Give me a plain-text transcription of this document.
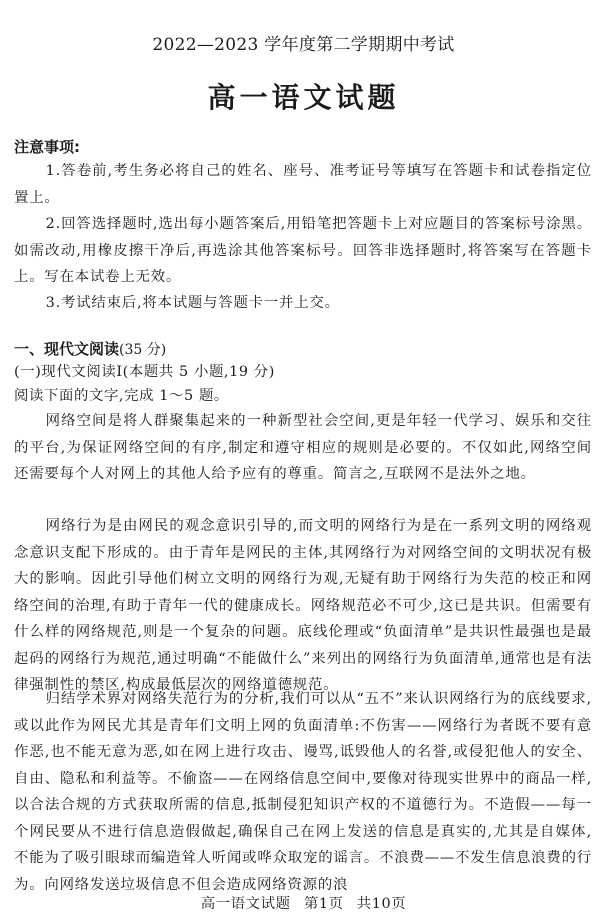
2022—2023 学年度第二学期期中考试
高一语文试题
注意事项:
1.答卷前,考生务必将自己的姓名、座号、准考证号等填写在答题卡和试卷指定位置上。
2.回答选择题时,选出每小题答案后,用铅笔把答题卡上对应题目的答案标号涂黑。如需改动,用橡皮擦干净后,再选涂其他答案标号。回答非选择题时,将答案写在答题卡上。写在本试卷上无效。
3.考试结束后,将本试题与答题卡一并上交。
一、现代文阅读(35 分)
(一)现代文阅读Ⅰ(本题共 5 小题,19 分)
阅读下面的文字,完成 1～5 题。
网络空间是将人群聚集起来的一种新型社会空间,更是年轻一代学习、娱乐和交往的平台,为保证网络空间的有序,制定和遵守相应的规则是必要的。不仅如此,网络空间还需要每个人对网上的其他人给予应有的尊重。简言之,互联网不是法外之地。
网络行为是由网民的观念意识引导的,而文明的网络行为是在一系列文明的网络观念意识支配下形成的。由于青年是网民的主体,其网络行为对网络空间的文明状况有极大的影响。因此引导他们树立文明的网络行为观,无疑有助于网络行为失范的校正和网络空间的治理,有助于青年一代的健康成长。网络规范必不可少,这已是共识。但需要有什么样的网络规范,则是一个复杂的问题。底线伦理或“负面清单”是共识性最强也是最起码的网络行为规范,通过明确“不能做什么”来列出的网络行为负面清单,通常也是有法律强制性的禁区,构成最低层次的网络道德规范。
归结学术界对网络失范行为的分析,我们可以从“五不”来认识网络行为的底线要求,或以此作为网民尤其是青年们文明上网的负面清单:不伤害——网络行为者既不要有意作恶,也不能无意为恶,如在网上进行攻击、谩骂,诋毁他人的名誉,或侵犯他人的安全、自由、隐私和利益等。不偷盗——在网络信息空间中,要像对待现实世界中的商品一样,以合法合规的方式获取所需的信息,抵制侵犯知识产权的不道德行为。不造假——每一个网民要从不进行信息造假做起,确保自己在网上发送的信息是真实的,尤其是自媒体,不能为了吸引眼球而编造耸人听闻或哗众取宠的谣言。不浪费——不发生信息浪费的行为。向网络发送垃圾信息不但会造成网络资源的浪
高一语文试题 第1页 共10页
